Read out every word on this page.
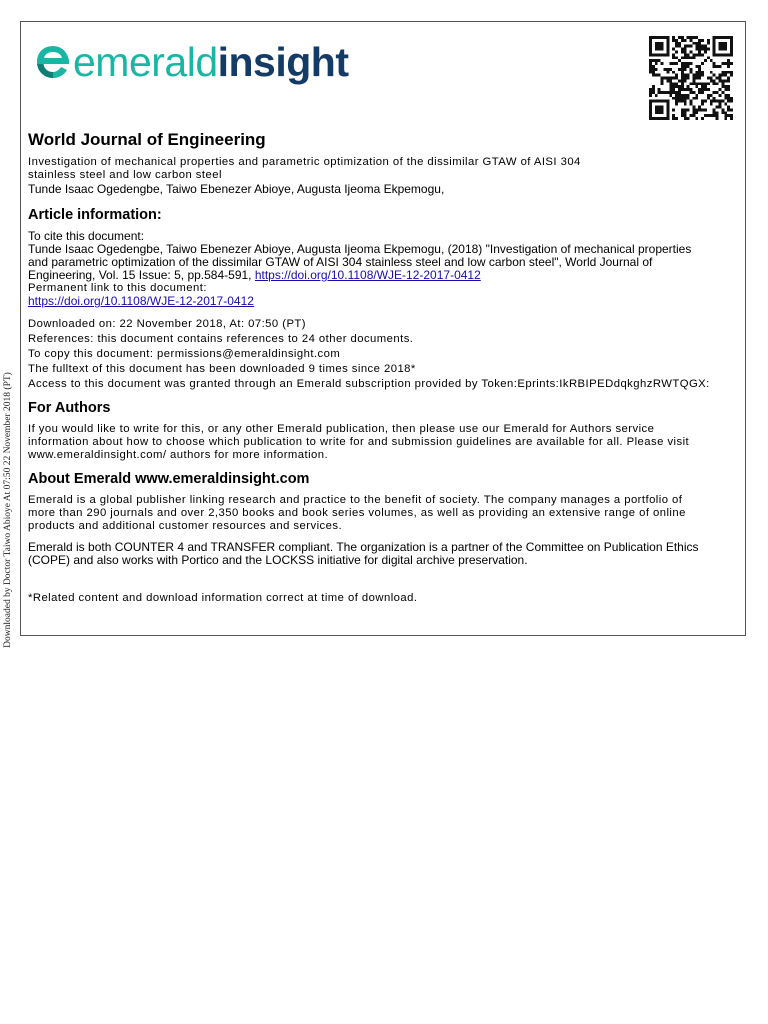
Downloaded by Doctor Taiwo Abioye At 07:50 22 November 2018 (PT)
emeraldinsight
World Journal of Engineering
Investigation of mechanical properties and parametric optimization of the dissimilar GTAW of AISI 304
stainless steel and low carbon steel
Tunde Isaac Ogedengbe, Taiwo Ebenezer Abioye, Augusta Ijeoma Ekpemogu,
Article information:
To cite this document:
Tunde Isaac Ogedengbe, Taiwo Ebenezer Abioye, Augusta Ijeoma Ekpemogu, (2018) "Investigation of mechanical properties
and parametric optimization of the dissimilar GTAW of AISI 304 stainless steel and low carbon steel", World Journal of
Engineering, Vol. 15 Issue: 5, pp.584-591, https://doi.org/10.1108/WJE-12-2017-0412
Permanent link to this document:
https://doi.org/10.1108/WJE-12-2017-0412
Downloaded on: 22 November 2018, At: 07:50 (PT)
References: this document contains references to 24 other documents.
To copy this document: permissions@emeraldinsight.com
The fulltext of this document has been downloaded 9 times since 2018*
Access to this document was granted through an Emerald subscription provided by Token:Eprints:IkRBIPEDdqkghzRWTQGX:
For Authors
If you would like to write for this, or any other Emerald publication, then please use our Emerald for Authors service
information about how to choose which publication to write for and submission guidelines are available for all. Please visit
www.emeraldinsight.com/ authors for more information.
About Emerald www.emeraldinsight.com
Emerald is a global publisher linking research and practice to the benefit of society. The company manages a portfolio of
more than 290 journals and over 2,350 books and book series volumes, as well as providing an extensive range of online
products and additional customer resources and services.
Emerald is both COUNTER 4 and TRANSFER compliant. The organization is a partner of the Committee on Publication Ethics
(COPE) and also works with Portico and the LOCKSS initiative for digital archive preservation.
*Related content and download information correct at time of download.
